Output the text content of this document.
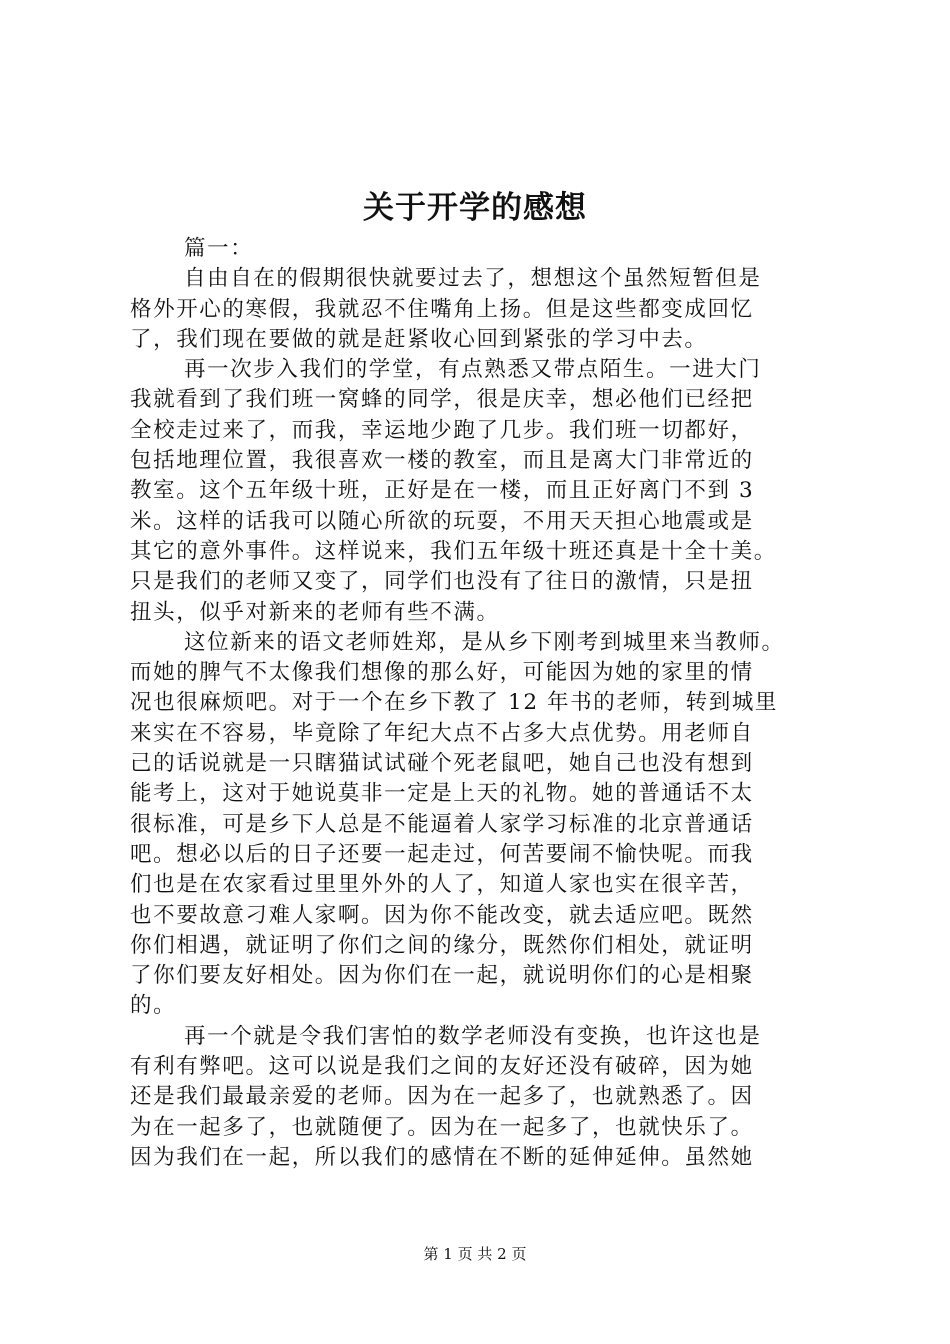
关于开学的感想
篇一：
自由自在的假期很快就要过去了，想想这个虽然短暂但是
格外开心的寒假，我就忍不住嘴角上扬。但是这些都变成回忆
了，我们现在要做的就是赶紧收心回到紧张的学习中去。
再一次步入我们的学堂，有点熟悉又带点陌生。一进大门
我就看到了我们班一窝蜂的同学，很是庆幸，想必他们已经把
全校走过来了，而我，幸运地少跑了几步。我们班一切都好，
包括地理位置，我很喜欢一楼的教室，而且是离大门非常近的
教室。这个五年级十班，正好是在一楼，而且正好离门不到 3
米。这样的话我可以随心所欲的玩耍，不用天天担心地震或是
其它的意外事件。这样说来，我们五年级十班还真是十全十美。
只是我们的老师又变了，同学们也没有了往日的激情，只是扭
扭头，似乎对新来的老师有些不满。
这位新来的语文老师姓郑，是从乡下刚考到城里来当教师。
而她的脾气不太像我们想像的那么好，可能因为她的家里的情
况也很麻烦吧。对于一个在乡下教了 12 年书的老师，转到城里
来实在不容易，毕竟除了年纪大点不占多大点优势。用老师自
己的话说就是一只瞎猫试试碰个死老鼠吧，她自己也没有想到
能考上，这对于她说莫非一定是上天的礼物。她的普通话不太
很标准，可是乡下人总是不能逼着人家学习标准的北京普通话
吧。想必以后的日子还要一起走过，何苦要闹不愉快呢。而我
们也是在农家看过里里外外的人了，知道人家也实在很辛苦，
也不要故意刁难人家啊。因为你不能改变，就去适应吧。既然
你们相遇，就证明了你们之间的缘分，既然你们相处，就证明
了你们要友好相处。因为你们在一起，就说明你们的心是相聚
的。
再一个就是令我们害怕的数学老师没有变换，也许这也是
有利有弊吧。这可以说是我们之间的友好还没有破碎，因为她
还是我们最最亲爱的老师。因为在一起多了，也就熟悉了。因
为在一起多了，也就随便了。因为在一起多了，也就快乐了。
因为我们在一起，所以我们的感情在不断的延伸延伸。虽然她
第 1 页 共 2 页
